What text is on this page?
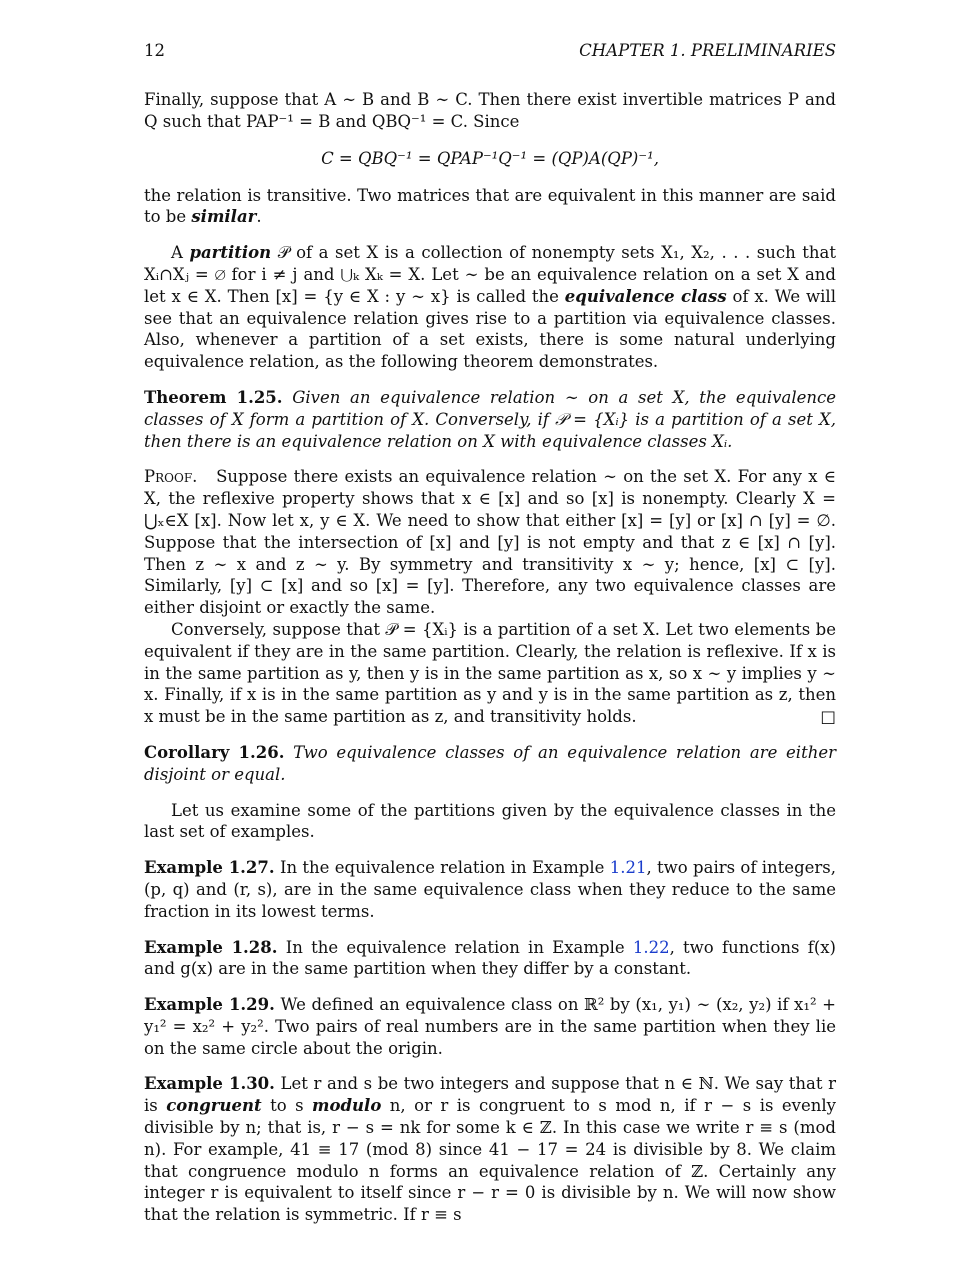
12	CHAPTER 1. PRELIMINARIES

Finally, suppose that A ∼ B and B ∼ C. Then there exist invertible matrices P and Q such that PAP⁻¹ = B and QBQ⁻¹ = C. Since

C = QBQ⁻¹ = QPAP⁻¹Q⁻¹ = (QP)A(QP)⁻¹,

the relation is transitive. Two matrices that are equivalent in this manner are said to be similar.

A partition 𝒫 of a set X is a collection of nonempty sets X₁, X₂, . . . such that Xᵢ∩Xⱼ = ∅ for i ≠ j and ⋃ₖ Xₖ = X. Let ∼ be an equivalence relation on a set X and let x ∈ X. Then [x] = {y ∈ X : y ∼ x} is called the equivalence class of x. We will see that an equivalence relation gives rise to a partition via equivalence classes. Also, whenever a partition of a set exists, there is some natural underlying equivalence relation, as the following theorem demonstrates.

Theorem 1.25. Given an equivalence relation ∼ on a set X, the equivalence classes of X form a partition of X. Conversely, if 𝒫 = {Xᵢ} is a partition of a set X, then there is an equivalence relation on X with equivalence classes Xᵢ.

Proof. Suppose there exists an equivalence relation ∼ on the set X. For any x ∈ X, the reflexive property shows that x ∈ [x] and so [x] is nonempty. Clearly X = ⋃ₓ∈X [x]. Now let x, y ∈ X. We need to show that either [x] = [y] or [x] ∩ [y] = ∅. Suppose that the intersection of [x] and [y] is not empty and that z ∈ [x] ∩ [y]. Then z ∼ x and z ∼ y. By symmetry and transitivity x ∼ y; hence, [x] ⊂ [y]. Similarly, [y] ⊂ [x] and so [x] = [y]. Therefore, any two equivalence classes are either disjoint or exactly the same.

Conversely, suppose that 𝒫 = {Xᵢ} is a partition of a set X. Let two elements be equivalent if they are in the same partition. Clearly, the relation is reflexive. If x is in the same partition as y, then y is in the same partition as x, so x ∼ y implies y ∼ x. Finally, if x is in the same partition as y and y is in the same partition as z, then x must be in the same partition as z, and transitivity holds.	□

Corollary 1.26. Two equivalence classes of an equivalence relation are either disjoint or equal.

Let us examine some of the partitions given by the equivalence classes in the last set of examples.

Example 1.27. In the equivalence relation in Example 1.21, two pairs of integers, (p, q) and (r, s), are in the same equivalence class when they reduce to the same fraction in its lowest terms.

Example 1.28. In the equivalence relation in Example 1.22, two functions f(x) and g(x) are in the same partition when they differ by a constant.

Example 1.29. We defined an equivalence class on ℝ² by (x₁, y₁) ∼ (x₂, y₂) if x₁² + y₁² = x₂² + y₂². Two pairs of real numbers are in the same partition when they lie on the same circle about the origin.

Example 1.30. Let r and s be two integers and suppose that n ∈ ℕ. We say that r is congruent to s modulo n, or r is congruent to s mod n, if r − s is evenly divisible by n; that is, r − s = nk for some k ∈ ℤ. In this case we write r ≡ s (mod n). For example, 41 ≡ 17 (mod 8) since 41 − 17 = 24 is divisible by 8. We claim that congruence modulo n forms an equivalence relation of ℤ. Certainly any integer r is equivalent to itself since r − r = 0 is divisible by n. We will now show that the relation is symmetric. If r ≡ s
